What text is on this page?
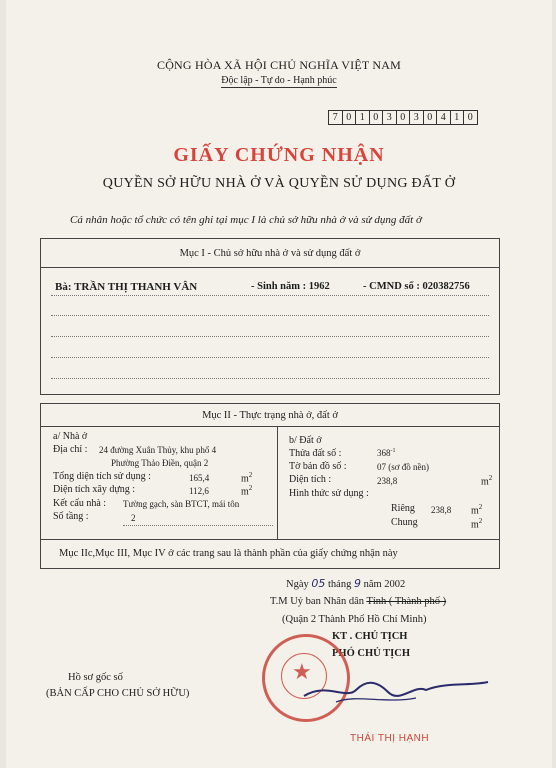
CỘNG HÒA XÃ HỘI CHỦ NGHĨA VIỆT NAM
Độc lập - Tự do - Hạnh phúc
7 0 1 0 3 0 3 0 4 1 0
GIẤY CHỨNG NHẬN
QUYỀN SỞ HỮU NHÀ Ở VÀ QUYỀN SỬ DỤNG ĐẤT Ở
Cá nhân hoặc tổ chức có tên ghi tại mục I là chủ sở hữu nhà ở và sử dụng đất ở
Mục I - Chủ sở hữu nhà ở và sử dụng đất ở
Bà: TRẦN THỊ THANH VÂN	- Sinh năm : 1962	- CMND số : 020382756
Mục II - Thực trạng nhà ở, đất ở
a/ Nhà ở
Địa chỉ : 24 đường Xuân Thủy, khu phố 4
Phường Thảo Điền, quận 2
Tổng diện tích sử dụng :	165,4	$m^2$
Diện tích xây dựng :	112,6	$m^2$
Kết cấu nhà : Tường gạch, sàn BTCT, mái tôn
Số tầng :	2
b/ Đất ở
Thửa đất số :	$368^{-1}$
Tờ bản đồ số :	07 (sơ đồ nền)
Diện tích :	238,8	$m^2$
Hình thức sử dụng :
Riêng 238,8 $m^2$
Chung	$m^2$
Mục IIc,Mục III, Mục IV ở các trang sau là thành phần của giấy chứng nhận này
Ngày 05 tháng 9 năm 2002
T.M Uỷ ban Nhân dân Tỉnh ( Thành phố )
(Quận 2 Thành Phố Hồ Chí Minh)
KT . CHỦ TỊCH
PHÓ CHỦ TỊCH
★
THÁI THỊ HẠNH
Hồ sơ gốc số
(BẢN CẤP CHO CHỦ SỞ HỮU)
